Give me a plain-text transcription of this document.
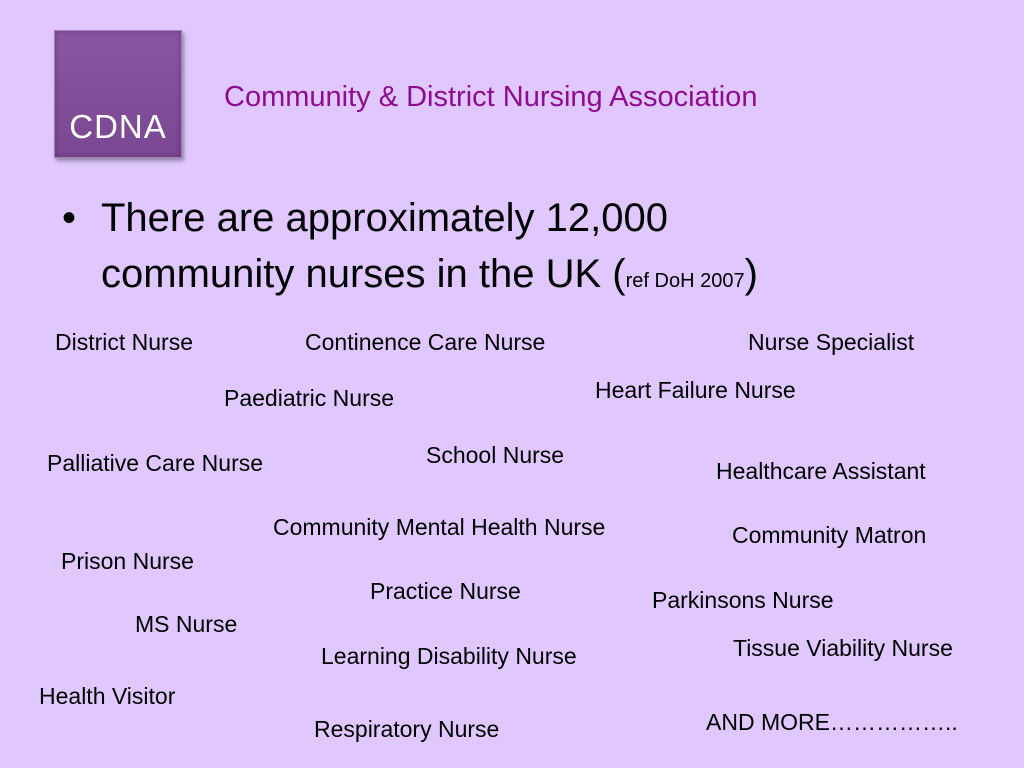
CDNA
Community & District Nursing Association
• There are approximately 12,000
community nurses in the UK (ref DoH 2007)
District Nurse	Continence Care Nurse	Nurse Specialist
Heart Failure Nurse
Paediatric Nurse
School Nurse
Palliative Care Nurse	Healthcare Assistant
Community Mental Health Nurse	Community Matron
Prison Nurse
Practice Nurse	Parkinsons Nurse
MS Nurse
Tissue Viability Nurse
Learning Disability Nurse
Health Visitor
AND MORE……………..
Respiratory Nurse
